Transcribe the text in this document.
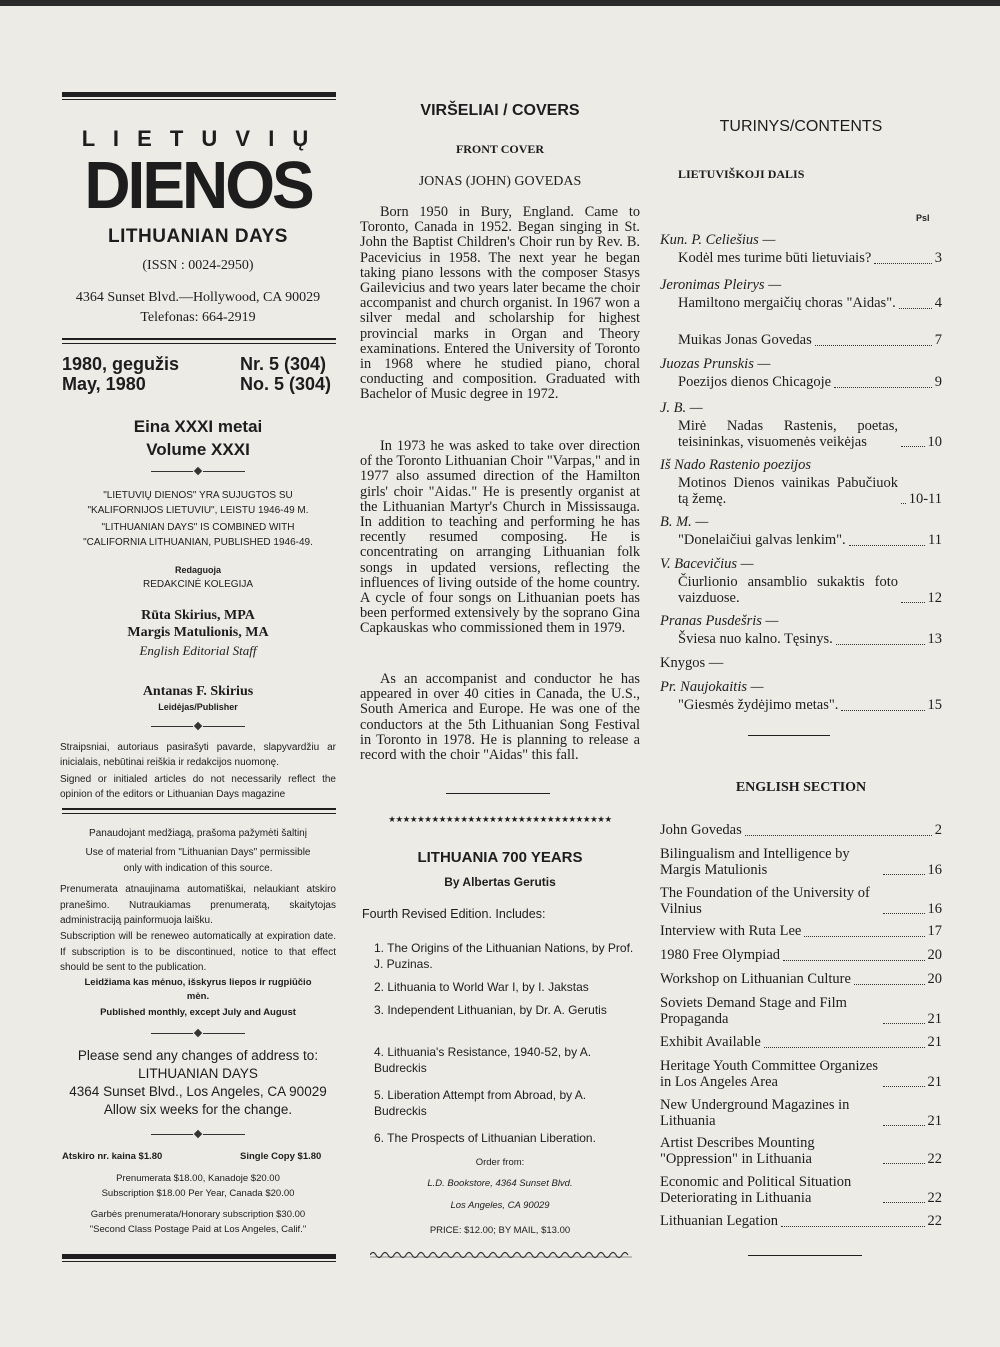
L I E T U V I Ų
DIENOS
LITHUANIAN DAYS
(ISSN : 0024-2950)
4364 Sunset Blvd.—Hollywood, CA 90029
Telefonas: 664-2919
1980, gegužis	Nr. 5 (304)
May, 1980	No. 5 (304)
Eina XXXI metai
Volume XXXI
"LIETUVIŲ DIENOS" YRA SUJUGTOS SU "KALIFORNIJOS LIETUVIU", LEISTU 1946-49 M.
"LITHUANIAN DAYS" IS COMBINED WITH "CALIFORNIA LITHUANIAN, PUBLISHED 1946-49.
Redaguoja
REDAKCINĖ KOLEGIJA
Rūta Skirius, MPA
Margis Matulionis, MA
English Editorial Staff
Antanas F. Skirius
Leidėjas/Publisher
Straipsniai, autoriaus pasirašyti pavarde, slapyvardžiu ar inicialais, nebūtinai reiškia ir redakcijos nuomonę.
Signed or initialed articles do not necessarily reflect the opinion of the editors or Lithuanian Days magazine
Panaudojant medžiagą, prašoma pažymėti šaltinį
Use of material from "Lithuanian Days" permissible only with indication of this source.
Prenumerata atnaujinama automatiškai, nelaukiant atskiro pranešimo. Nutraukiamas prenumeratą, skaitytojas administraciją painformuoja laišku.
Subscription will be reneweo automatically at expiration date. If subscription is to be discontinued, notice to that effect should be sent to the publication.
Leidžiama kas mėnuo, išskyrus liepos ir rugpiūčio mėn.
Published monthly, except July and August
Please send any changes of address to:
LITHUANIAN DAYS
4364 Sunset Blvd., Los Angeles, CA 90029
Allow six weeks for the change.
Atskiro nr. kaina $1.80	Single Copy $1.80
Prenumerata $18.00, Kanadoje $20.00
Subscription $18.00 Per Year, Canada $20.00
Garbės prenumerata/Honorary subscription $30.00
"Second Class Postage Paid at Los Angeles, Calif."
VIRŠELIAI / COVERS
FRONT COVER
JONAS (JOHN) GOVEDAS

Born 1950 in Bury, England. Came to Toronto, Canada in 1952. Began singing in St. John the Baptist Children's Choir run by Rev. B. Pacevicius in 1958. The next year he began taking piano lessons with the composer Stasys Gailevicius and two years later became the choir accompanist and church organist. In 1967 won a silver medal and scholarship for highest provincial marks in Organ and Theory examinations. Entered the University of Toronto in 1968 where he studied piano, choral conducting and composition. Graduated with Bachelor of Music degree in 1972.

In 1973 he was asked to take over direction of the Toronto Lithuanian Choir "Varpas," and in 1977 also assumed direction of the Hamilton girls' choir "Aidas." He is presently organist at the Lithuanian Martyr's Church in Mississauga. In addition to teaching and performing he has recently resumed composing. He is concentrating on arranging Lithuanian folk songs in updated versions, reflecting the influences of living outside of the home country. A cycle of four songs on Lithuanian poets has been performed extensively by the soprano Gina Capkauskas who commissioned them in 1979.

As an accompanist and conductor he has appeared in over 40 cities in Canada, the U.S., South America and Europe. He was one of the conductors at the 5th Lithuanian Song Festival in Toronto in 1978. He is planning to release a record with the choir "Aidas" this fall.

★★★★★★★★★★★★★★★★★★★★★★★★★★★★★★★
LITHUANIA 700 YEARS
By Albertas Gerutis
Fourth Revised Edition. Includes:
1. The Origins of the Lithuanian Nations, by Prof. J. Puzinas.
2. Lithuania to World War I, by I. Jakstas
3. Independent Lithuanian, by Dr. A. Gerutis
4. Lithuania's Resistance, 1940-52, by A. Budreckis
5. Liberation Attempt from Abroad, by A. Budreckis
6. The Prospects of Lithuanian Liberation.
Order from:
L.D. Bookstore, 4364 Sunset Blvd.
Los Angeles, CA 90029
PRICE: $12.00; BY MAIL, $13.00
TURINYS/CONTENTS
LIETUVIŠKOJI DALIS
Psl
Kun. P. Celiešius —
Kodėl mes turime būti lietuviais?	3
Jeronimas Pleirys —
Hamiltono mergaičių choras "Aidas".	4
Muikas Jonas Govedas	7
Juozas Prunskis —
Poezijos dienos Chicagoje	9
J. B. —
Mirė Nadas Rastenis, poetas, teisininkas, visuomenės veikėjas	10
Iš Nado Rastenio poezijos
Motinos Dienos vainikas Pabučiuok tą žemę.	10-11
B. M. —
"Donelaičiui galvas lenkim".	11
V. Bacevičius —
Čiurlionio ansamblio sukaktis foto vaizduose.	12
Pranas Pusdešris —
Šviesa nuo kalno. Tęsinys.	13
Knygos —
Pr. Naujokaitis —
"Giesmės žydėjimo metas".	15
ENGLISH SECTION
John Govedas	2
Bilingualism and Intelligence by Margis Matulionis	16
The Foundation of the University of Vilnius	16
Interview with Ruta Lee	17
1980 Free Olympiad	20
Workshop on Lithuanian Culture	20
Soviets Demand Stage and Film Propaganda	21
Exhibit Available	21
Heritage Youth Committee Organizes in Los Angeles Area	21
New Underground Magazines in Lithuania	21
Artist Describes Mounting "Oppression" in Lithuania	22
Economic and Political Situation Deteriorating in Lithuania	22
Lithuanian Legation	22
